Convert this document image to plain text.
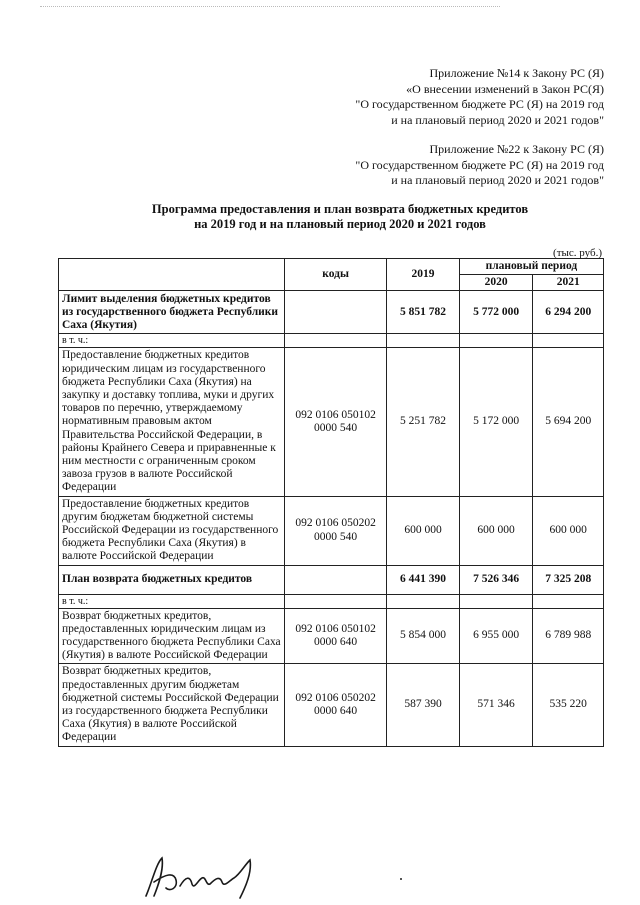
Приложение №14 к Закону РС (Я)
«О внесении изменений в Закон РС(Я)
"О государственном бюджете РС (Я) на 2019 год
и на плановый период 2020 и 2021 годов"
Приложение №22 к Закону РС (Я)
"О государственном бюджете РС (Я) на 2019 год
и на плановый период 2020 и 2021 годов"
Программа предоставления и план возврата бюджетных кредитов
на 2019 год и на плановый период 2020 и 2021 годов
(тыс. руб.)
	коды	2019	плановый период	
			2020	2021
Лимит выделения бюджетных кредитов из государственного бюджета Республики Саха (Якутия)		5 851 782	5 772 000	6 294 200
в т. ч.:				
Предоставление бюджетных кредитов юридическим лицам из государственного бюджета Республики Саха (Якутия) на закупку и доставку топлива, муки и других товаров по перечню, утверждаемому нормативным правовым актом Правительства Российской Федерации, в районы Крайнего Севера и приравненные к ним местности с ограниченным сроком завоза грузов в валюте Российской Федерации	092 0106 050102 0000 540	5 251 782	5 172 000	5 694 200
Предоставление бюджетных кредитов другим бюджетам бюджетной системы Российской Федерации из государственного бюджета Республики Саха (Якутия) в валюте Российской Федерации	092 0106 050202 0000 540	600 000	600 000	600 000
План возврата бюджетных кредитов		6 441 390	7 526 346	7 325 208
в т. ч.:				
Возврат бюджетных кредитов, предоставленных юридическим лицам из государственного бюджета Республики Саха (Якутия) в валюте Российской Федерации	092 0106 050102 0000 640	5 854 000	6 955 000	6 789 988
Возврат бюджетных кредитов, предоставленных другим бюджетам бюджетной системы Российской Федерации из государственного бюджета Республики Саха (Якутия) в валюте Российской Федерации	092 0106 050202 0000 640	587 390	571 346	535 220
